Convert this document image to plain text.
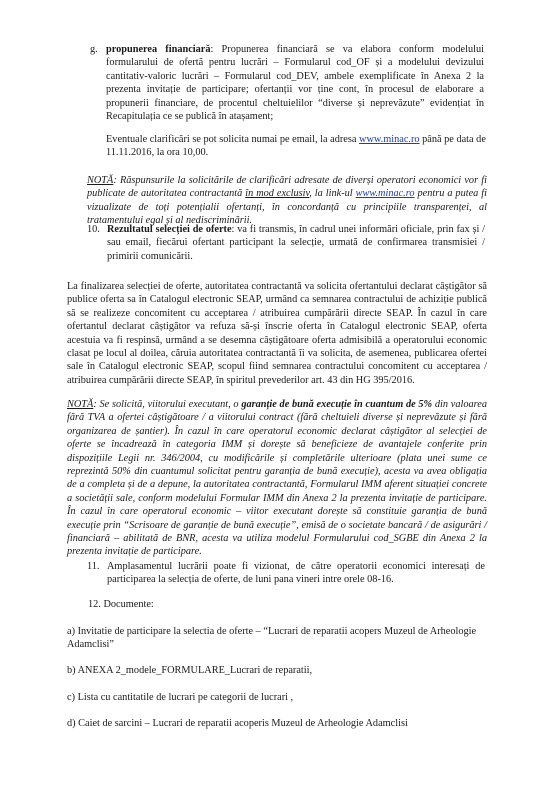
g. propunerea financiară: Propunerea financiară se va elabora conform modelului formularului de ofertă pentru lucrări – Formularul cod_OF și a modelului devizului cantitativ-valoric lucrări – Formularul cod_DEV, ambele exemplificate în Anexa 2 la prezenta invitație de participare; ofertanții vor ține cont, în procesul de elaborare a propunerii financiare, de procentul cheltuielilor “diverse și neprevăzute” evidențiat în Recapitulația ce se publică în atașament;

Eventuale clarificări se pot solicita numai pe email, la adresa www.minac.ro până pe data de 11.11.2016, la ora 10,00.

NOTĂ: Răspunsurile la solicitările de clarificări adresate de diverși operatori economici vor fi publicate de autoritatea contractantă în mod exclusiv, la link-ul www.minac.ro pentru a putea fi vizualizate de toți potențialii ofertanți, în concordanță cu principiile transparenței, al tratamentului egal și al nediscriminării.

10. Rezultatul selecției de oferte: va fi transmis, în cadrul unei informări oficiale, prin fax și / sau email, fiecărui ofertant participant la selecție, urmată de confirmarea transmisiei / primirii comunicării.

La finalizarea selecției de oferte, autoritatea contractantă va solicita ofertantului declarat câștigător să publice oferta sa în Catalogul electronic SEAP, urmând ca semnarea contractului de achiziție publică să se realizeze concomitent cu acceptarea / atribuirea cumpărării directe SEAP. În cazul în care ofertantul declarat câștigător va refuza să-și înscrie oferta în Catalogul electronic SEAP, oferta acestuia va fi respinsă, urmând a se desemna câștigătoare oferta admisibilă a operatorului economic clasat pe locul al doilea, căruia autoritatea contractantă îi va solicita, de asemenea, publicarea ofertei sale în Catalogul electronic SEAP, scopul fiind semnarea contractului concomitent cu acceptarea / atribuirea cumpărării directe SEAP, în spiritul prevederilor art. 43 din HG 395/2016.

NOTĂ: Se solicită, viitorului executant, o garanție de bună execuție în cuantum de 5% din valoarea fără TVA a ofertei câștigătoare / a viitorului contract (fără cheltuieli diverse și neprevăzute și fără organizarea de șantier). În cazul în care operatorul economic declarat câștigător al selecției de oferte se încadrează în categoria IMM și dorește să beneficieze de avantajele conferite prin dispozițiile Legii nr. 346/2004, cu modificările și completările ulterioare (plata unei sume ce reprezintă 50% din cuantumul solicitat pentru garanția de bună execuție), acesta va avea obligația de a completa și de a depune, la autoritatea contractantă, Formularul IMM aferent situației concrete a societății sale, conform modelului Formular IMM din Anexa 2 la prezenta invitație de participare. În cazul în care operatorul economic – viitor executant dorește să constituie garanția de bună execuție prin “Scrisoare de garanție de bună execuție”, emisă de o societate bancară / de asigurări / financiară – abilitată de BNR, acesta va utiliza modelul Formularului cod_SGBE din Anexa 2 la prezenta invitație de participare.

11. Amplasamentul lucrării poate fi vizionat, de către operatorii economici interesați de participarea la selecția de oferte, de luni pana vineri intre orele 08-16.

12. Documente:

a) Invitatie de participare la selectia de oferte – “Lucrari de reparatii acopers Muzeul de Arheologie Adamclisi”

b) ANEXA 2_modele_FORMULARE_Lucrari de reparatii,

c) Lista cu cantitatile de lucrari pe categorii de lucrari ,

d) Caiet de sarcini – Lucrari de reparatii acoperis Muzeul de Arheologie Adamclisi
